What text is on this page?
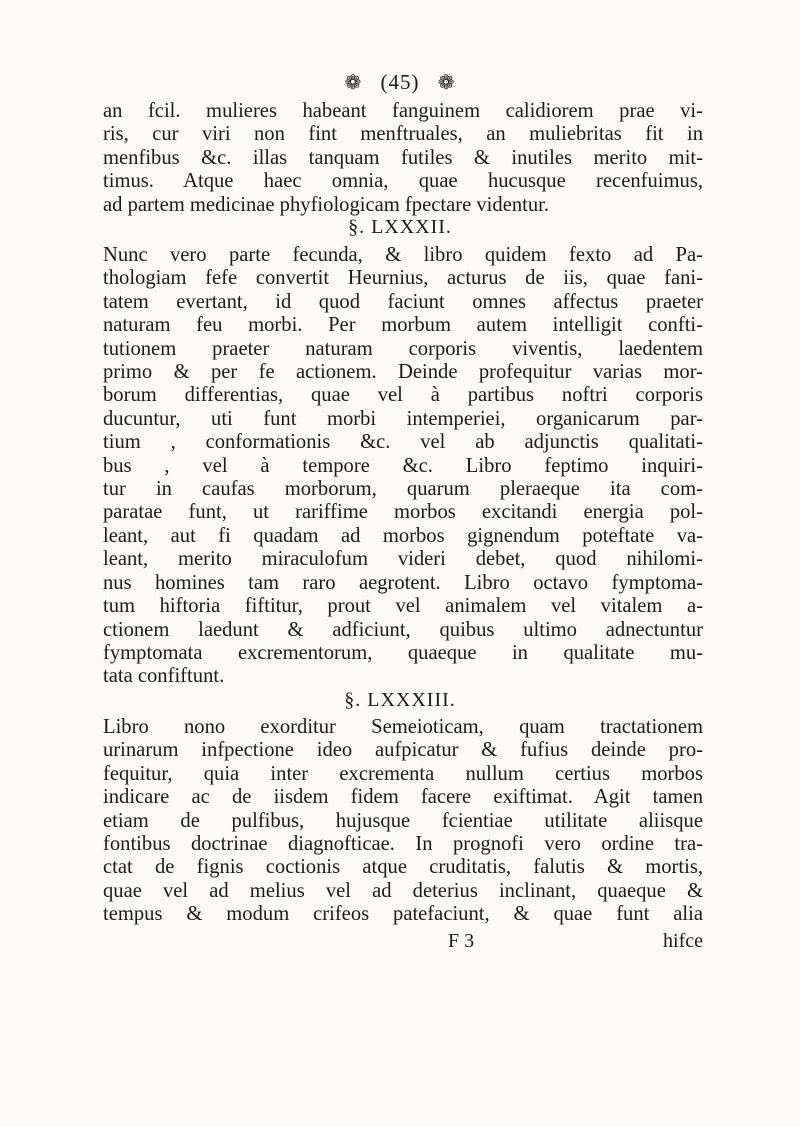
❁ (45) ❁
an fcil. mulieres habeant fanguinem calidiorem prae vi-
ris, cur viri non fint menftruales, an muliebritas fit in
menfibus &c. illas tanquam futiles & inutiles merito mit-
timus. Atque haec omnia, quae hucusque recenfuimus,
ad partem medicinae phyfiologicam fpectare videntur.
§. LXXXII.
Nunc vero parte fecunda, & libro quidem fexto ad Pa-
thologiam fefe convertit Heurnius, acturus de iis, quae fani-
tatem evertant, id quod faciunt omnes affectus praeter
naturam feu morbi. Per morbum autem intelligit confti-
tutionem praeter naturam corporis viventis, laedentem
primo & per fe actionem. Deinde profequitur varias mor-
borum differentias, quae vel à partibus noftri corporis
ducuntur, uti funt morbi intemperiei, organicarum par-
tium , conformationis &c. vel ab adjunctis qualitati-
bus , vel à tempore &c. Libro feptimo inquiri-
tur in caufas morborum, quarum pleraeque ita com-
paratae funt, ut rariffime morbos excitandi energia pol-
leant, aut fi quadam ad morbos gignendum poteftate va-
leant, merito miraculofum videri debet, quod nihilomi-
nus homines tam raro aegrotent. Libro octavo fymptoma-
tum hiftoria fiftitur, prout vel animalem vel vitalem a-
ctionem laedunt & adficiunt, quibus ultimo adnectuntur
fymptomata excrementorum, quaeque in qualitate mu-
tata confiftunt.
§. LXXXIII.
Libro nono exorditur Semeioticam, quam tractationem
urinarum infpectione ideo aufpicatur & fufius deinde pro-
fequitur, quia inter excrementa nullum certius morbos
indicare ac de iisdem fidem facere exiftimat. Agit tamen
etiam de pulfibus, hujusque fcientiae utilitate aliisque
fontibus doctrinae diagnofticae. In prognofi vero ordine tra-
ctat de fignis coctionis atque cruditatis, falutis & mortis,
quae vel ad melius vel ad deterius inclinant, quaeque &
tempus & modum crifeos patefaciunt, & quae funt alia
F 3	hifce
